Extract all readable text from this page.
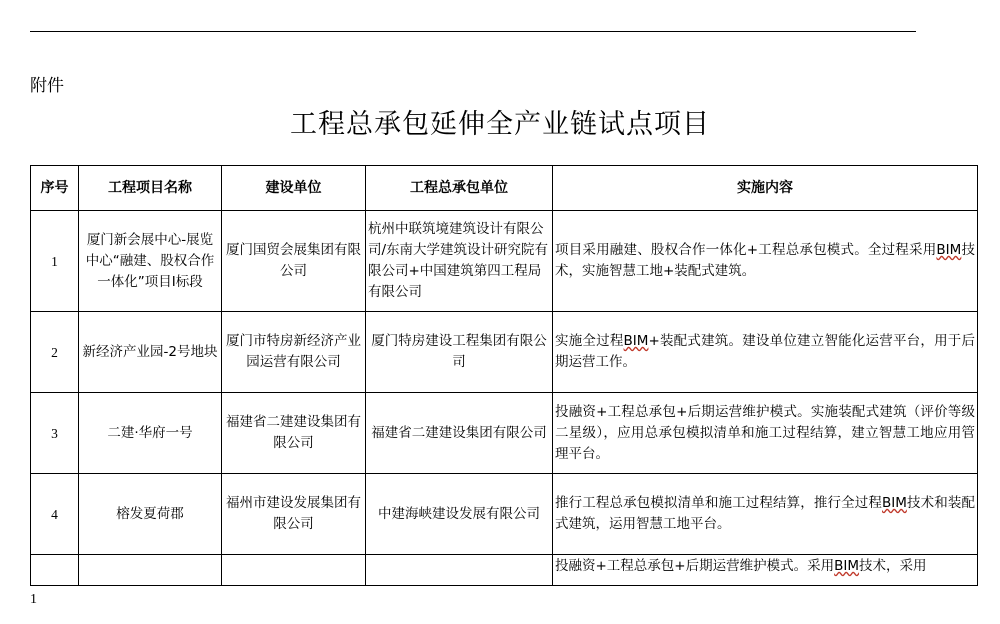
附件
工程总承包延伸全产业链试点项目
序号	工程项目名称	建设单位	工程总承包单位	实施内容
1	厦门新会展中心-展览中心“融建、股权合作一体化”项目I标段	厦门国贸会展集团有限公司	杭州中联筑境建筑设计有限公司/东南大学建筑设计研究院有限公司+中国建筑第四工程局有限公司	项目采用融建、股权合作一体化+工程总承包模式。全过程采用BIM技术，实施智慧工地+装配式建筑。
2	新经济产业园-2号地块	厦门市特房新经济产业园运营有限公司	厦门特房建设工程集团有限公司	实施全过程BIM+装配式建筑。建设单位建立智能化运营平台，用于后期运营工作。
3	二建·华府一号	福建省二建建设集团有限公司	福建省二建建设集团有限公司	投融资+工程总承包+后期运营维护模式。实施装配式建筑（评价等级二星级），应用总承包模拟清单和施工过程结算，建立智慧工地应用管理平台。
4	榕发夏荷郡	福州市建设发展集团有限公司	中建海峡建设发展有限公司	推行工程总承包模拟清单和施工过程结算，推行全过程BIM技术和装配式建筑，运用智慧工地平台。
				投融资+工程总承包+后期运营维护模式。采用BIM技术，采用
1
